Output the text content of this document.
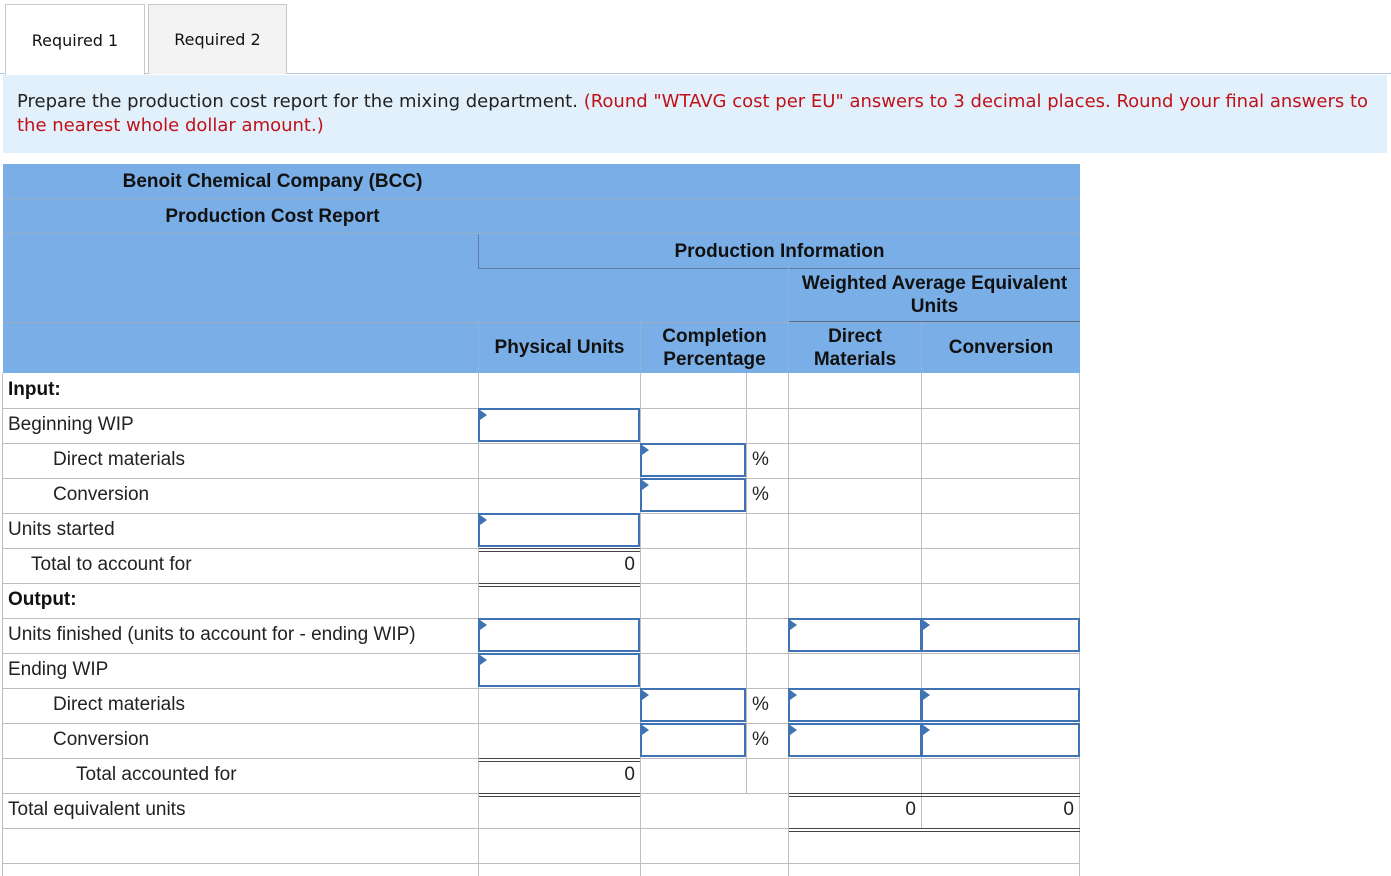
Required 1	Required 2
Prepare the production cost report for the mixing department. (Round "WTAVG cost per EU" answers to 3 decimal places. Round your final answers to the nearest whole dollar amount.)
Benoit Chemical Company (BCC)
Production Cost Report
Production Information
Weighted Average Equivalent Units
Physical Units
Completion Percentage
Direct Materials
Conversion
Input:
Beginning WIP
Direct materials
Conversion
Units started
Total to account for
Output:
Units finished (units to account for - ending WIP)
Ending WIP
Direct materials
Conversion
Total accounted for
Total equivalent units
%
%
0
%
%
0
0	0
